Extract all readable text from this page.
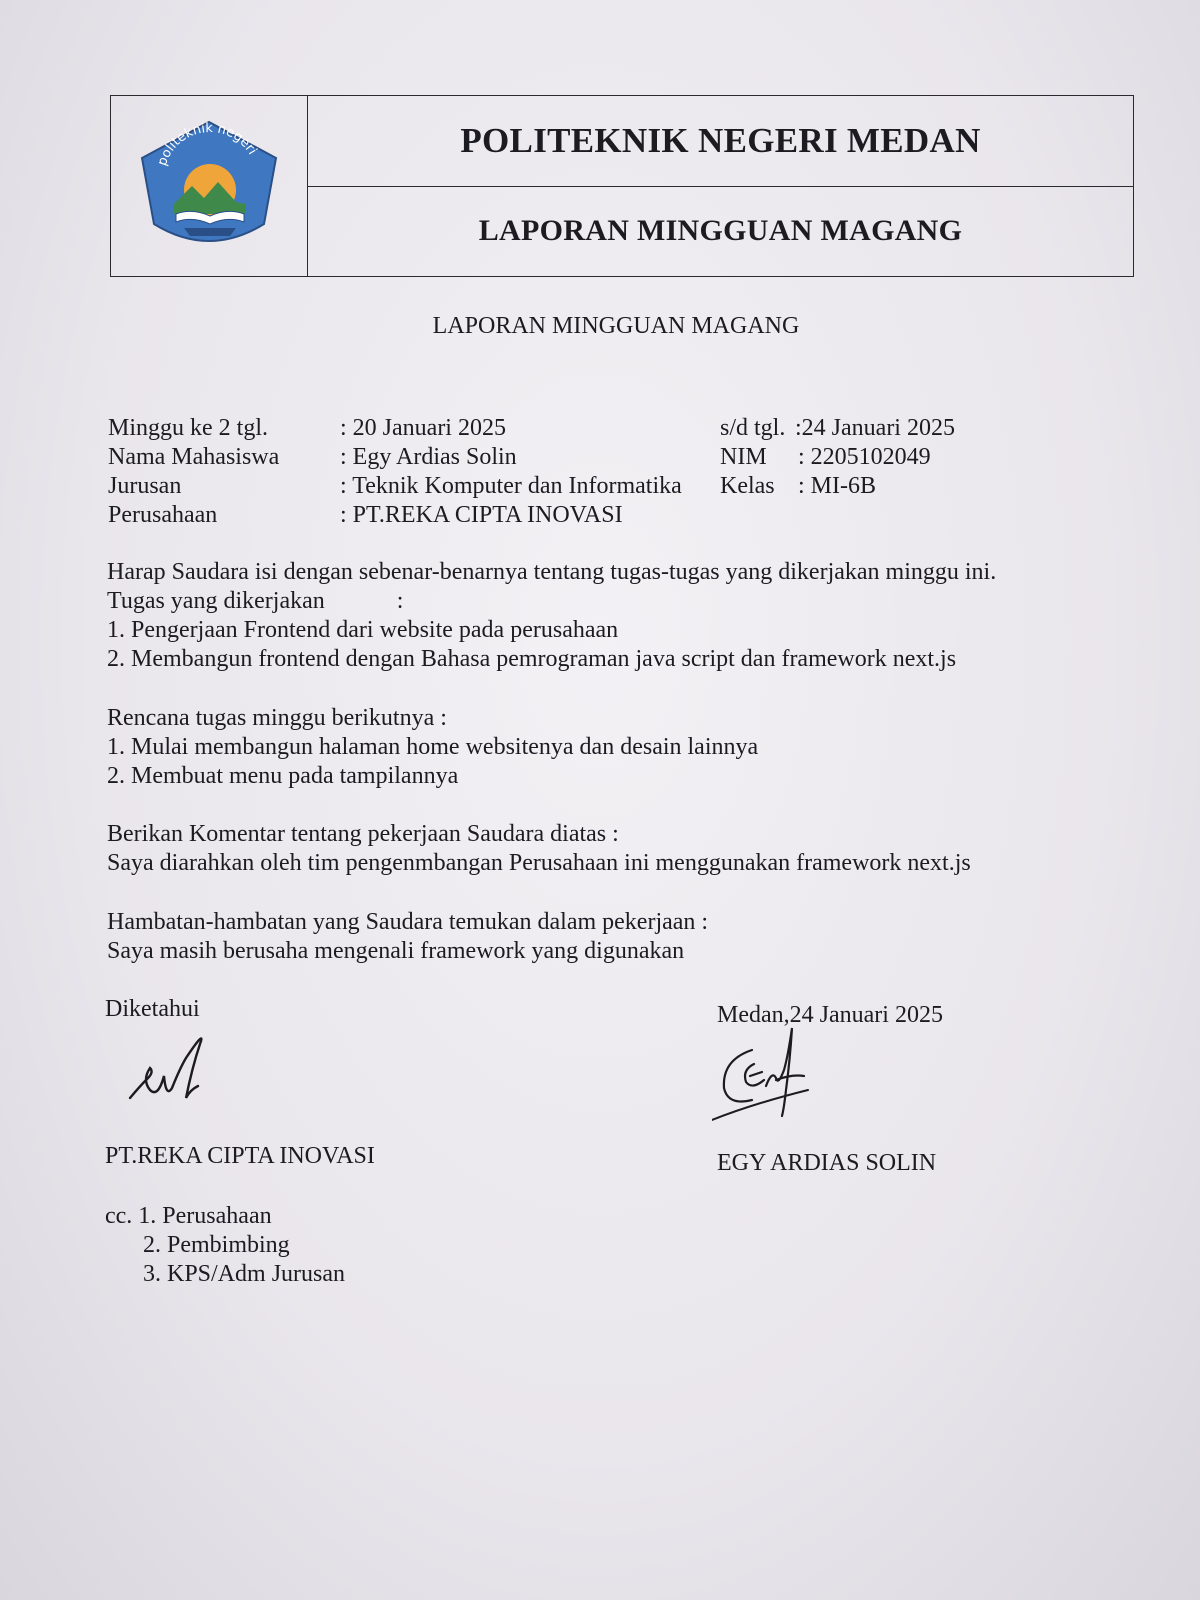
politeknik negeri	POLITEKNIK NEGERI MEDAN
LAPORAN MINGGUAN MAGANG
LAPORAN MINGGUAN MAGANG
Minggu ke 2 tgl.	: 20 Januari 2025	s/d tgl. :24 Januari 2025
Nama Mahasiswa	: Egy Ardias Solin	NIM : 2205102049
Jurusan	: Teknik Komputer dan Informatika Kelas : MI-6B
Perusahaan	: PT.REKA CIPTA INOVASI
Harap Saudara isi dengan sebenar-benarnya tentang tugas-tugas yang dikerjakan minggu ini.
Tugas yang dikerjakan	:
1. Pengerjaan Frontend dari website pada perusahaan
2. Membangun frontend dengan Bahasa pemrograman java script dan framework next.js
Rencana tugas minggu berikutnya :
1. Mulai membangun halaman home websitenya dan desain lainnya
2. Membuat menu pada tampilannya
Berikan Komentar tentang pekerjaan Saudara diatas :
Saya diarahkan oleh tim pengenmbangan Perusahaan ini menggunakan framework next.js
Hambatan-hambatan yang Saudara temukan dalam pekerjaan :
Saya masih berusaha mengenali framework yang digunakan
Diketahui	Medan,24 Januari 2025
PT.REKA CIPTA INOVASI	EGY ARDIAS SOLIN
cc. 1. Perusahaan
2. Pembimbing
3. KPS/Adm Jurusan
